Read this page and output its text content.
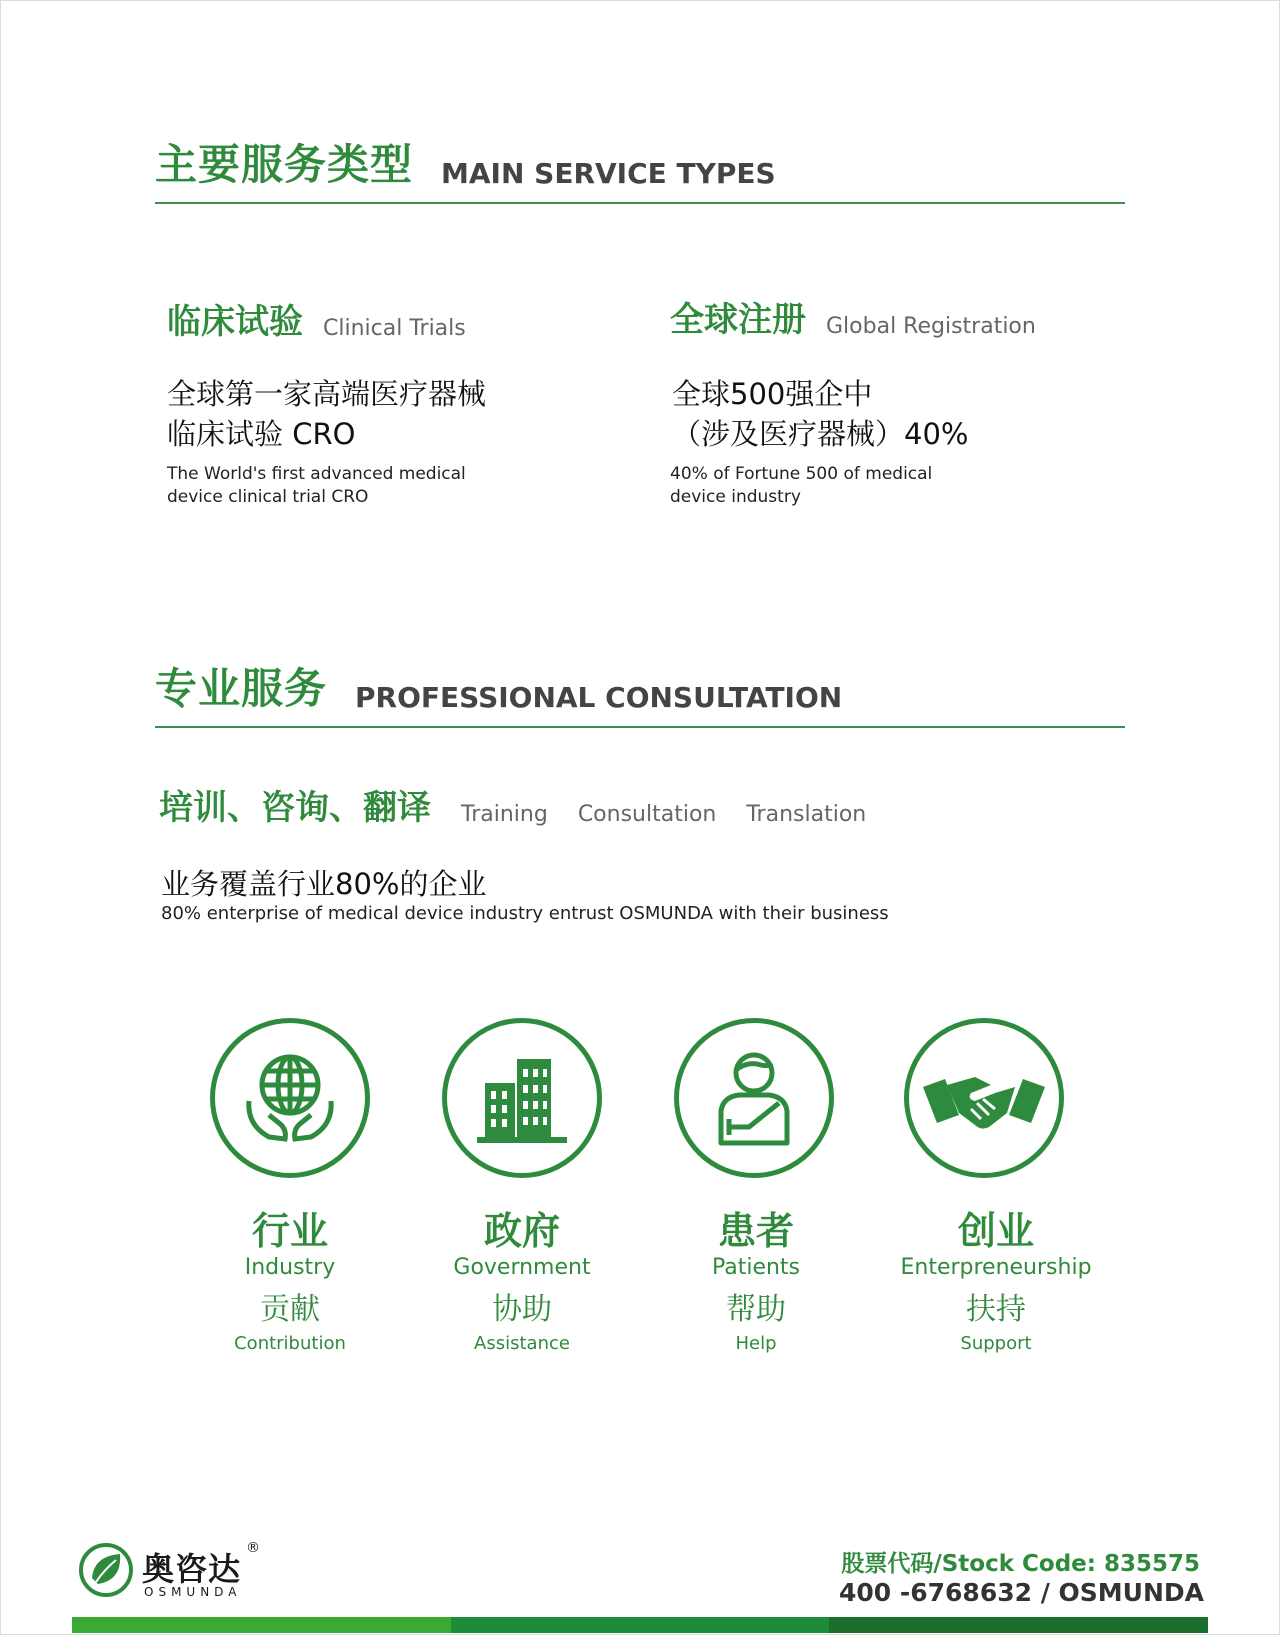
主要服务类型 MAIN SERVICE TYPES
临床试验 Clinical Trials
全球第一家高端医疗器械
临床试验 CRO
The World's first advanced medical
device clinical trial CRO
全球注册 Global Registration
全球500强企中
（涉及医疗器械）40%
40% of Fortune 500 of medical
device industry
专业服务 PROFESSIONAL CONSULTATION
培训、咨询、翻译 Training Consultation Translation
业务覆盖行业80%的企业
80% enterprise of medical device industry entrust OSMUNDA with their business
行业
Industry
贡献
Contribution
政府
Government
协助
Assistance
患者
Patients
帮助
Help
创业
Enterpreneurship
扶持
Support
奥咨达
®
OSMUNDA
股票代码/Stock Code: 835575
400 -6768632 / OSMUNDA
